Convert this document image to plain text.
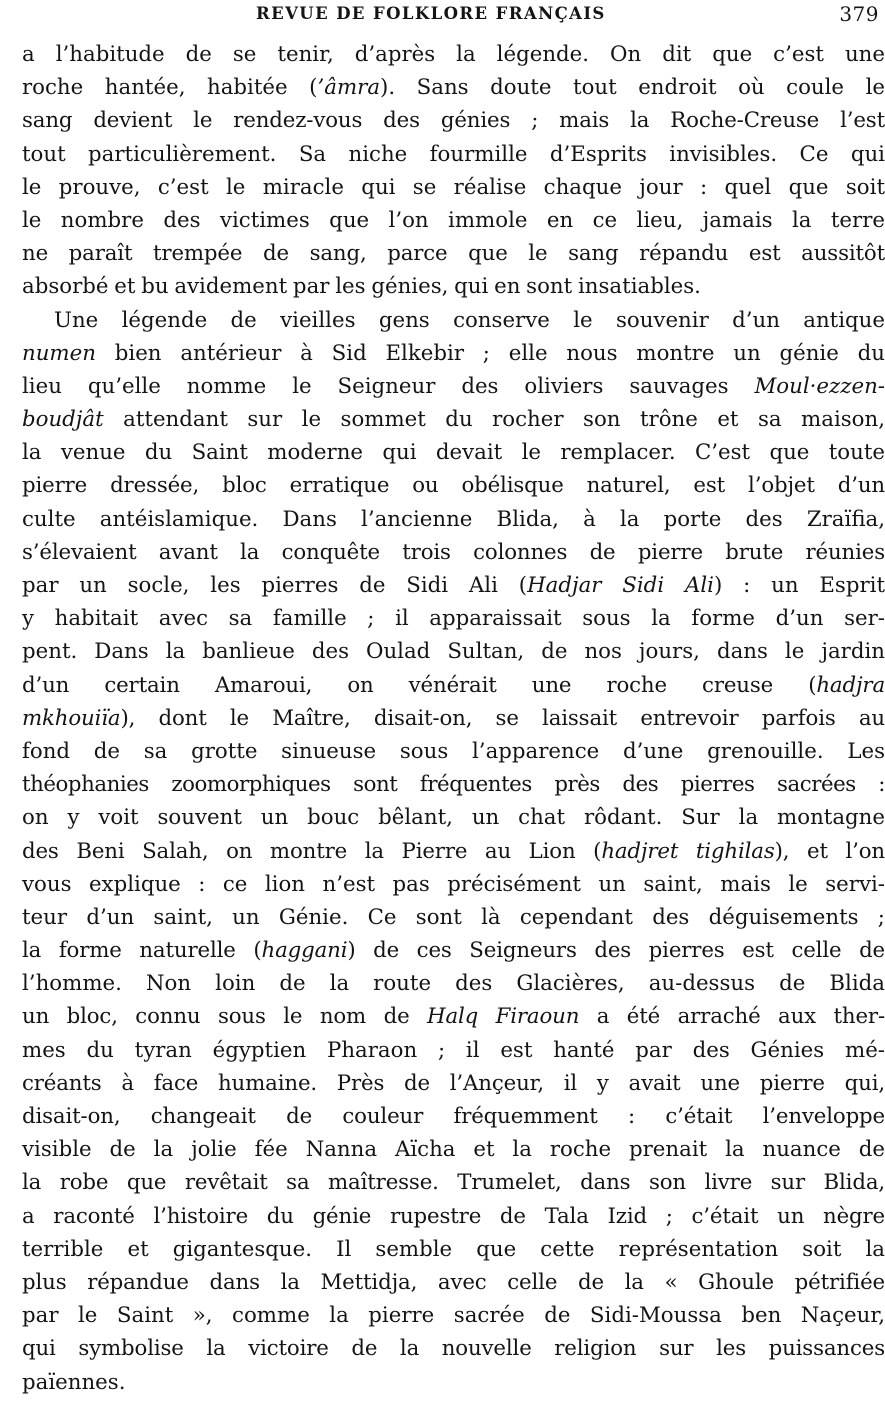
REVUE DE FOLKLORE FRANÇAIS	379
a l’habitude de se tenir, d’après la légende. On dit que c’est une
roche hantée, habitée (’âmra). Sans doute tout endroit où coule le
sang devient le rendez-vous des génies ; mais la Roche-Creuse l’est
tout particulièrement. Sa niche fourmille d’Esprits invisibles. Ce qui
le prouve, c’est le miracle qui se réalise chaque jour : quel que soit
le nombre des victimes que l’on immole en ce lieu, jamais la terre
ne paraît trempée de sang, parce que le sang répandu est aussitôt
absorbé et bu avidement par les génies, qui en sont insatiables.
Une légende de vieilles gens conserve le souvenir d’un antique
numen bien antérieur à Sid Elkebir ; elle nous montre un génie du
lieu qu’elle nomme le Seigneur des oliviers sauvages Moul·ezzen-
boudjât attendant sur le sommet du rocher son trône et sa maison,
la venue du Saint moderne qui devait le remplacer. C’est que toute
pierre dressée, bloc erratique ou obélisque naturel, est l’objet d’un
culte antéislamique. Dans l’ancienne Blida, à la porte des Zraïfia,
s’élevaient avant la conquête trois colonnes de pierre brute réunies
par un socle, les pierres de Sidi Ali (Hadjar Sidi Ali) : un Esprit
y habitait avec sa famille ; il apparaissait sous la forme d’un ser-
pent. Dans la banlieue des Oulad Sultan, de nos jours, dans le jardin
d’un certain Amaroui, on vénérait une roche creuse (hadjra
mkhouiïa), dont le Maître, disait-on, se laissait entrevoir parfois au
fond de sa grotte sinueuse sous l’apparence d’une grenouille. Les
théophanies zoomorphiques sont fréquentes près des pierres sacrées :
on y voit souvent un bouc bêlant, un chat rôdant. Sur la montagne
des Beni Salah, on montre la Pierre au Lion (hadjret tighilas), et l’on
vous explique : ce lion n’est pas précisément un saint, mais le servi-
teur d’un saint, un Génie. Ce sont là cependant des déguisements ;
la forme naturelle (haggani) de ces Seigneurs des pierres est celle de
l’homme. Non loin de la route des Glacières, au-dessus de Blida
un bloc, connu sous le nom de Halq Firaoun a été arraché aux ther-
mes du tyran égyptien Pharaon ; il est hanté par des Génies mé-
créants à face humaine. Près de l’Ançeur, il y avait une pierre qui,
disait-on, changeait de couleur fréquemment : c’était l’enveloppe
visible de la jolie fée Nanna Aïcha et la roche prenait la nuance de
la robe que revêtait sa maîtresse. Trumelet, dans son livre sur Blida,
a raconté l’histoire du génie rupestre de Tala Izid ; c’était un nègre
terrible et gigantesque. Il semble que cette représentation soit la
plus répandue dans la Mettidja, avec celle de la « Ghoule pétrifiée
par le Saint », comme la pierre sacrée de Sidi-Moussa ben Naçeur,
qui symbolise la victoire de la nouvelle religion sur les puissances
païennes.
